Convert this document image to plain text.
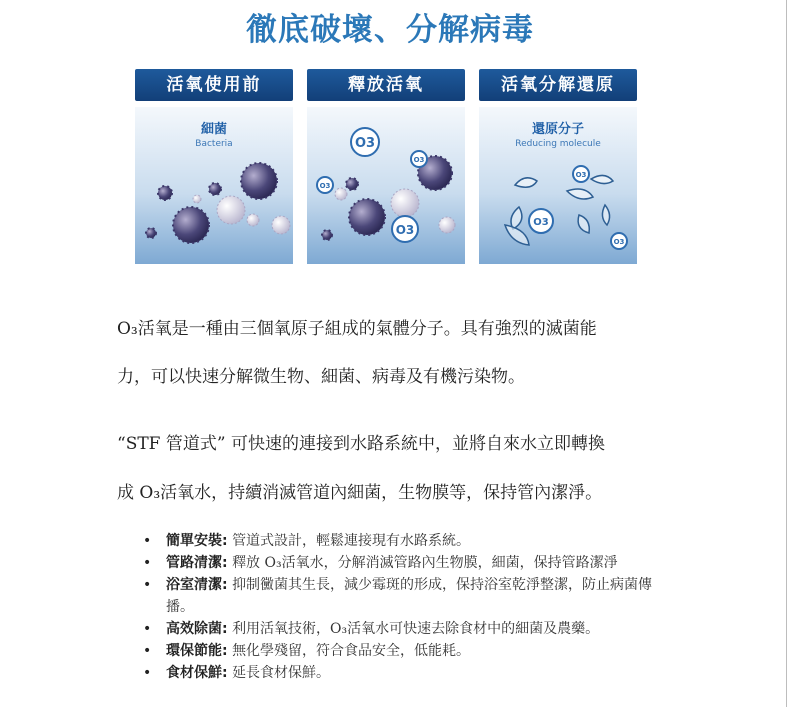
徹底破壞、分解病毒
活氧使用前
細菌
Bacteria
釋放活氧
O3
O3
O3
O3
活氧分解還原
O3
O3
O3
還原分子
Reducing molecule
O₃活氧是一種由三個氧原子組成的氣體分子。具有強烈的滅菌能
力，可以快速分解微生物、細菌、病毒及有機污染物。
“STF 管道式” 可快速的連接到水路系統中，並將自來水立即轉換
成 O₃活氧水，持續消滅管道內細菌，生物膜等，保持管內潔淨。
• 簡單安裝: 管道式設計，輕鬆連接現有水路系統。
• 管路清潔: 釋放 O₃活氧水，分解消滅管路內生物膜，細菌，保持管路潔淨
• 浴室清潔: 抑制黴菌其生長，減少霉斑的形成，保持浴室乾淨整潔，防止病菌傳播。
• 高效除菌: 利用活氧技術，O₃活氧水可快速去除食材中的細菌及農藥。
• 環保節能: 無化學殘留，符合食品安全，低能耗。
• 食材保鮮: 延長食材保鮮。
